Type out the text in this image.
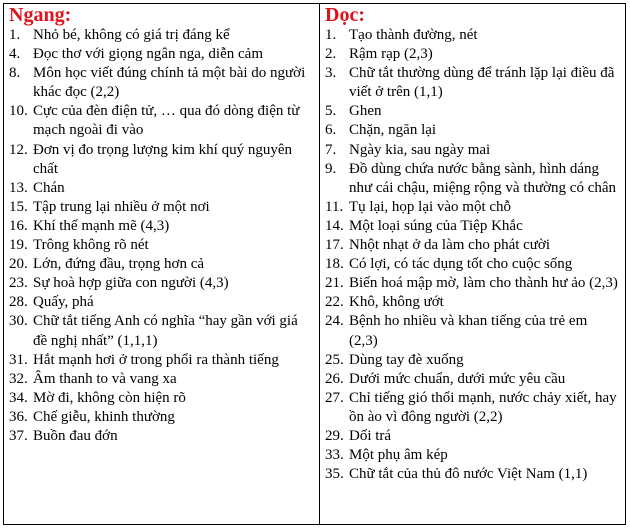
Ngang:
1. Nhỏ bé, không có giá trị đáng kể
4. Đọc thơ với giọng ngân nga, diễn cảm
8. Môn học viết đúng chính tả một bài do người khác đọc (2,2)
10. Cực của đèn điện tử, … qua đó dòng điện từ mạch ngoài đi vào
12. Đơn vị đo trọng lượng kim khí quý nguyên chất
13. Chán
15. Tập trung lại nhiều ở một nơi
16. Khí thế mạnh mẽ (4,3)
19. Trông không rõ nét
20. Lớn, đứng đầu, trọng hơn cả
23. Sự hoà hợp giữa con người (4,3)
28. Quấy, phá
30. Chữ tắt tiếng Anh có nghĩa “hay gần với giá đề nghị nhất” (1,1,1)
31. Hắt mạnh hơi ở trong phổi ra thành tiếng
32. Âm thanh to và vang xa
34. Mờ đi, không còn hiện rõ
36. Chế giễu, khinh thường
37. Buồn đau đớn

Dọc:
1. Tạo thành đường, nét
2. Rậm rạp (2,3)
3. Chữ tắt thường dùng để tránh lặp lại điều đã viết ở trên (1,1)
5. Ghen
6. Chặn, ngăn lại
7. Ngày kia, sau ngày mai
9. Đồ dùng chứa nước bằng sành, hình dáng như cái chậu, miệng rộng và thường có chân
11. Tụ lại, họp lại vào một chỗ
14. Một loại súng của Tiệp Khắc
17. Nhột nhạt ở da làm cho phát cười
18. Có lợi, có tác dụng tốt cho cuộc sống
21. Biến hoá mập mờ, làm cho thành hư ảo (2,3)
22. Khô, không ướt
24. Bệnh ho nhiều và khan tiếng của trẻ em (2,3)
25. Dùng tay đè xuống
26. Dưới mức chuẩn, dưới mức yêu cầu
27. Chỉ tiếng gió thổi mạnh, nước chảy xiết, hay ồn ào vì đông người (2,2)
29. Dối trá
33. Một phụ âm kép
35. Chữ tắt của thủ đô nước Việt Nam (1,1)
